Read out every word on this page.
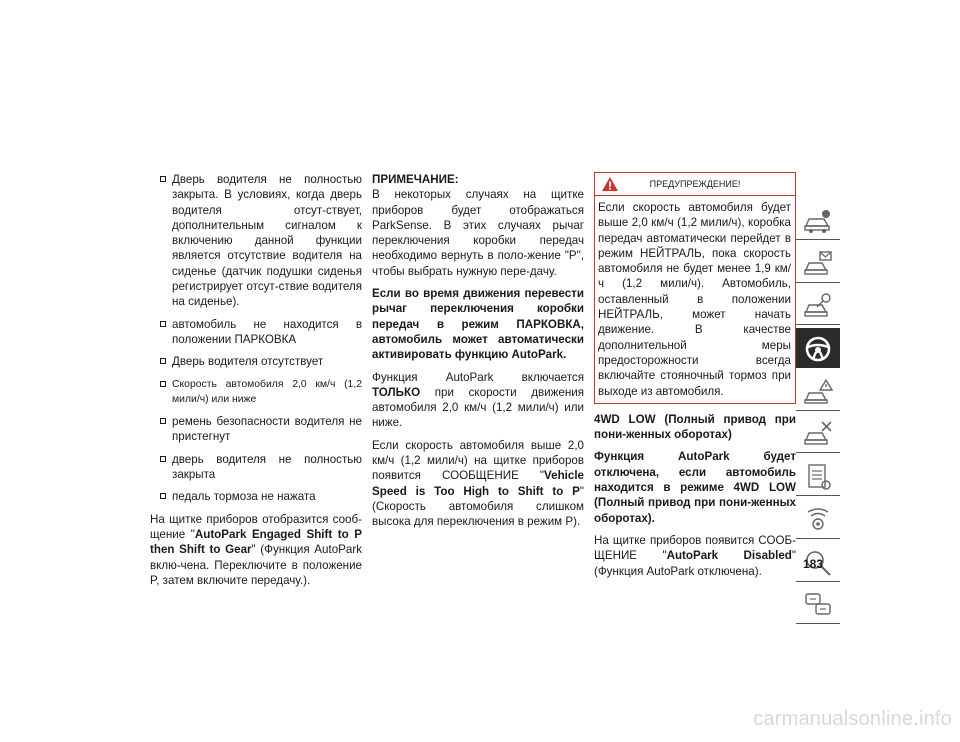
Дверь водителя не полностью закрыта. В условиях, когда дверь водителя отсут-ствует, дополнительным сигналом к включению данной функции является отсутствие водителя на сиденье (датчик подушки сиденья регистрирует отсут-ствие водителя на сиденье).
автомобиль не находится в положении ПАРКОВКА
Дверь водителя отсутствует
Скорость автомобиля 2,0 км/ч (1,2 мили/ч) или ниже
ремень безопасности водителя не пристегнут
дверь водителя не полностью закрыта
педаль тормоза не нажата

На щитке приборов отобразится сооб-щение "AutoPark Engaged Shift to P then Shift to Gear" (Функция AutoPark вклю-чена. Переключите в положение P, затем включите передачу.).

ПРИМЕЧАНИЕ:

В некоторых случаях на щитке приборов будет отображаться ParkSense. В этих случаях рычаг переключения коробки передач необходимо вернуть в поло-жение "P", чтобы выбрать нужную пере-дачу.

Если во время движения перевести рычаг переключения коробки передач в режим ПАРКОВКА, автомобиль может автоматически активировать функцию AutoPark.

Функция AutoPark включается ТОЛЬКО при скорости движения автомобиля 2,0 км/ч (1,2 мили/ч) или ниже.

Если скорость автомобиля выше 2,0 км/ч (1,2 мили/ч) на щитке приборов появится СООБЩЕНИЕ "Vehicle Speed is Too High to Shift to P" (Скорость автомобиля слишком высока для переключения в режим P).

ПРЕДУПРЕЖДЕНИЕ!

Если скорость автомобиля будет выше 2,0 км/ч (1,2 мили/ч), коробка передач автоматически перейдет в режим НЕЙТРАЛЬ, пока скорость автомобиля не будет менее 1,9 км/ч (1,2 мили/ч). Автомобиль, оставленный в положении НЕЙТРАЛЬ, может начать движение. В качестве дополнительной меры предосторожности всегда включайте стояночный тормоз при выходе из автомобиля.

4WD LOW (Полный привод при пони-женных оборотах)

Функция AutoPark будет отключена, если автомобиль находится в режиме 4WD LOW (Полный привод при пони-женных оборотах).

На щитке приборов появится СООБ-ЩЕНИЕ "AutoPark Disabled" (Функция AutoPark отключена).

183
carmanualsonline.info
